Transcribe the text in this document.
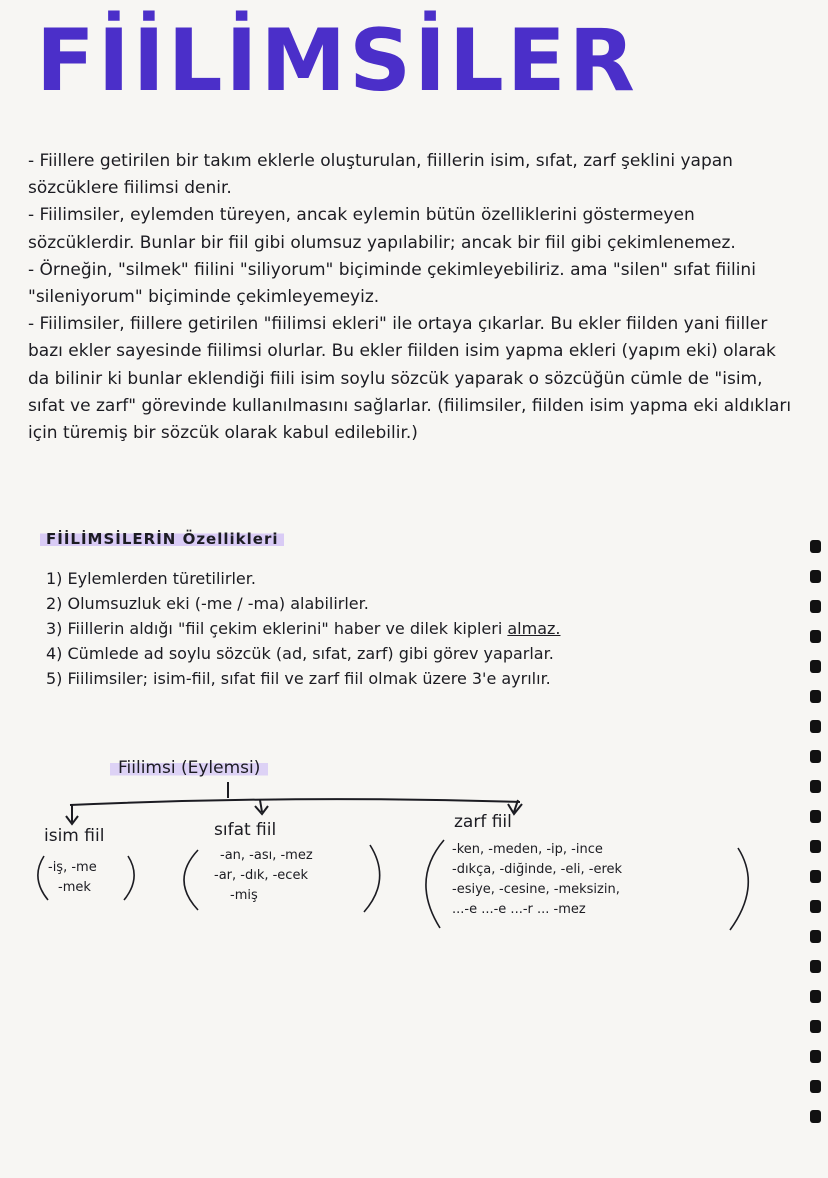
FİİLİMSİLER

- Fiillere getirilen bir takım eklerle oluşturulan, fiillerin isim, sıfat, zarf şeklini yapan sözcüklere fiilimsi denir.

- Fiilimsiler, eylemden türeyen, ancak eylemin bütün özelliklerini göstermeyen sözcüklerdir. Bunlar bir fiil gibi olumsuz yapılabilir; ancak bir fiil gibi çekimlenemez.

- Örneğin, "silmek" fiilini "siliyorum" biçiminde çekimleyebiliriz. ama "silen" sıfat fiilini "sileniyorum" biçiminde çekimleyemeyiz.

- Fiilimsiler, fiillere getirilen "fiilimsi ekleri" ile ortaya çıkarlar. Bu ekler fiilden yani fiiller bazı ekler sayesinde fiilimsi olurlar. Bu ekler fiilden isim yapma ekleri (yapım eki) olarak da bilinir ki bunlar eklendiği fiili isim soylu sözcük yaparak o sözcüğün cümle de "isim, sıfat ve zarf" görevinde kullanılmasını sağlarlar. (fiilimsiler, fiilden isim yapma eki aldıkları için türemiş bir sözcük olarak kabul edilebilir.)

FİİLİMSİLERİN Özellikleri
1) Eylemlerden türetilirler.
2) Olumsuzluk eki (-me / -ma) alabilirler.
3) Fiillerin aldığı "fiil çekim eklerini" haber ve dilek kipleri almaz.
4) Cümlede ad soylu sözcük (ad, sıfat, zarf) gibi görev yaparlar.
5) Fiilimsiler; isim-fiil, sıfat fiil ve zarf fiil olmak üzere 3'e ayrılır.
Fiilimsi (Eylemsi)
isim fiil
-iş, -me
-mek
sıfat fiil
-an, -ası, -mez
-ar, -dık, -ecek
-miş
zarf fiil
-ken, -meden, -ip, -ince
-dıkça, -diğinde, -eli, -erek
-esiye, -cesine, -meksizin,
...-e ...-e ...-r ... -mez
